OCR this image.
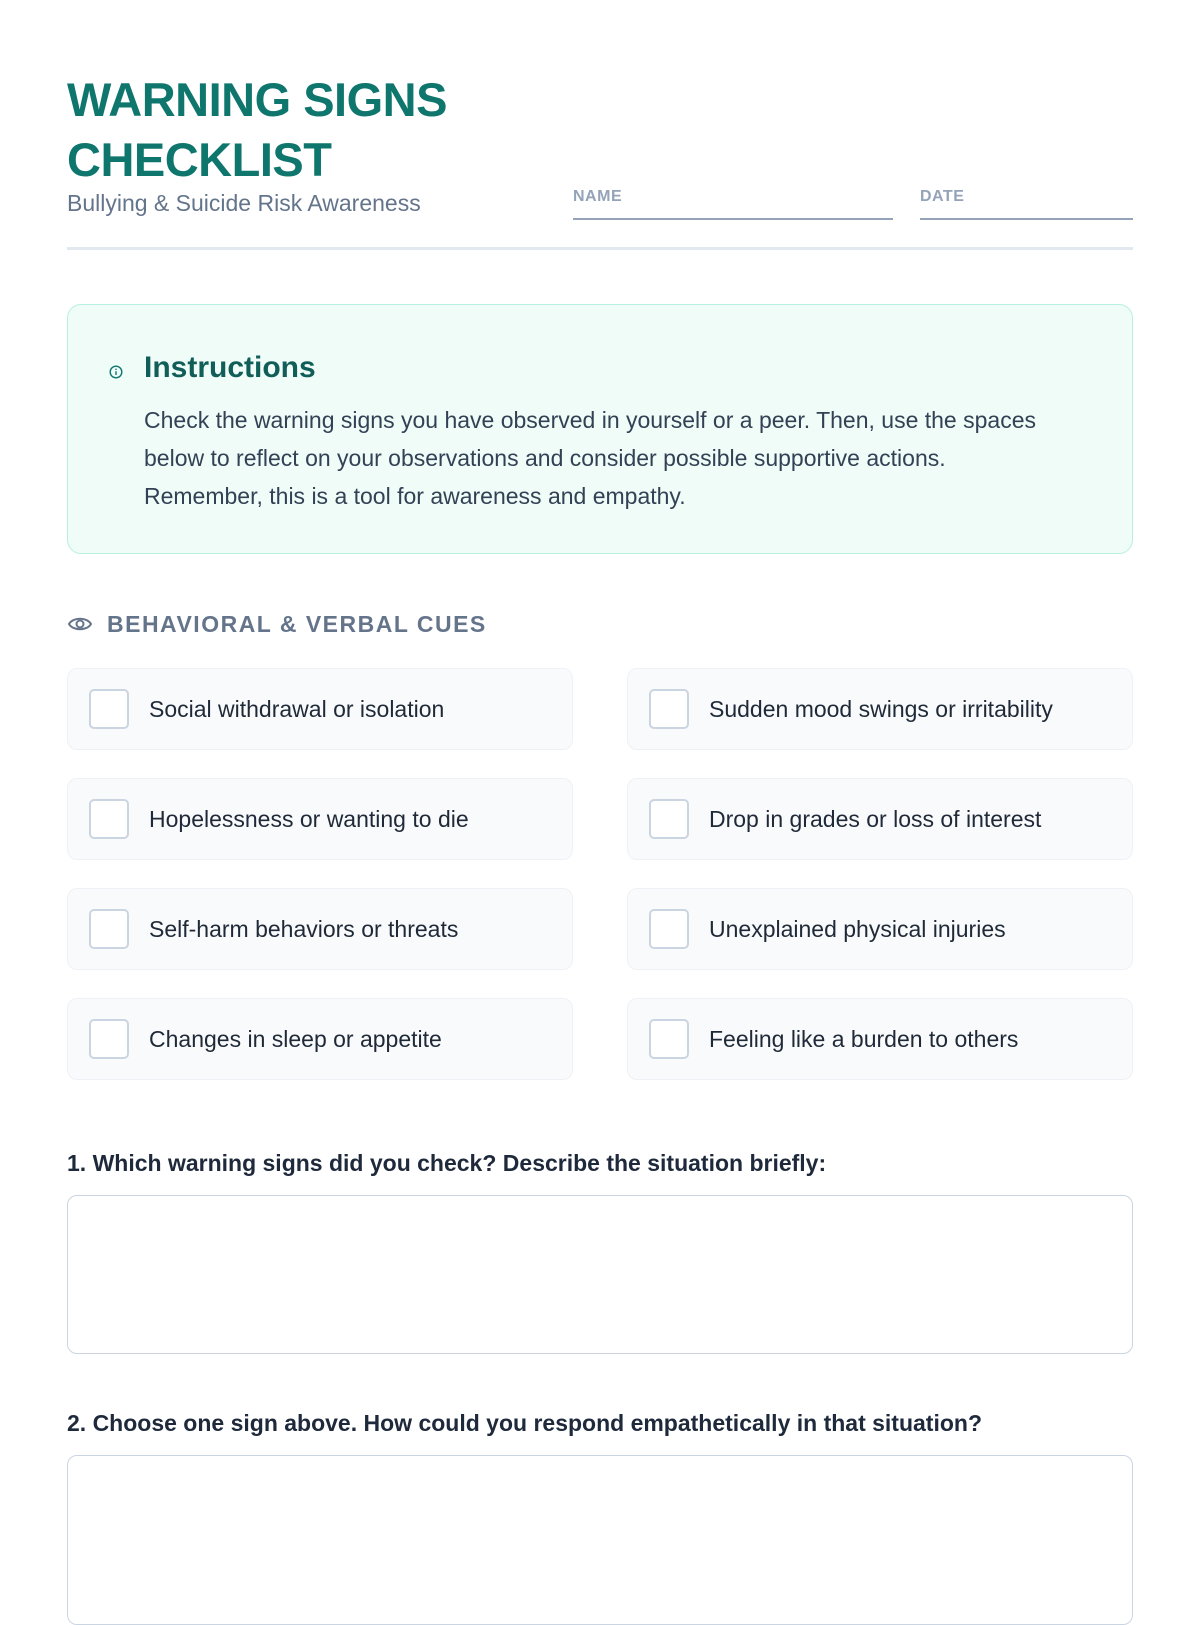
WARNING SIGNS
CHECKLIST
Bullying & Suicide Risk Awareness	NAME	DATE
Instructions

Check the warning signs you have observed in yourself or a peer. Then, use the spaces below to reflect on your observations and consider possible supportive actions. Remember, this is a tool for awareness and empathy.

BEHAVIORAL & VERBAL CUES
Social withdrawal or isolation	Sudden mood swings or irritability
Hopelessness or wanting to die	Drop in grades or loss of interest
Self-harm behaviors or threats	Unexplained physical injuries
Changes in sleep or appetite	Feeling like a burden to others
1. Which warning signs did you check? Describe the situation briefly:
2. Choose one sign above. How could you respond empathetically in that situation?
